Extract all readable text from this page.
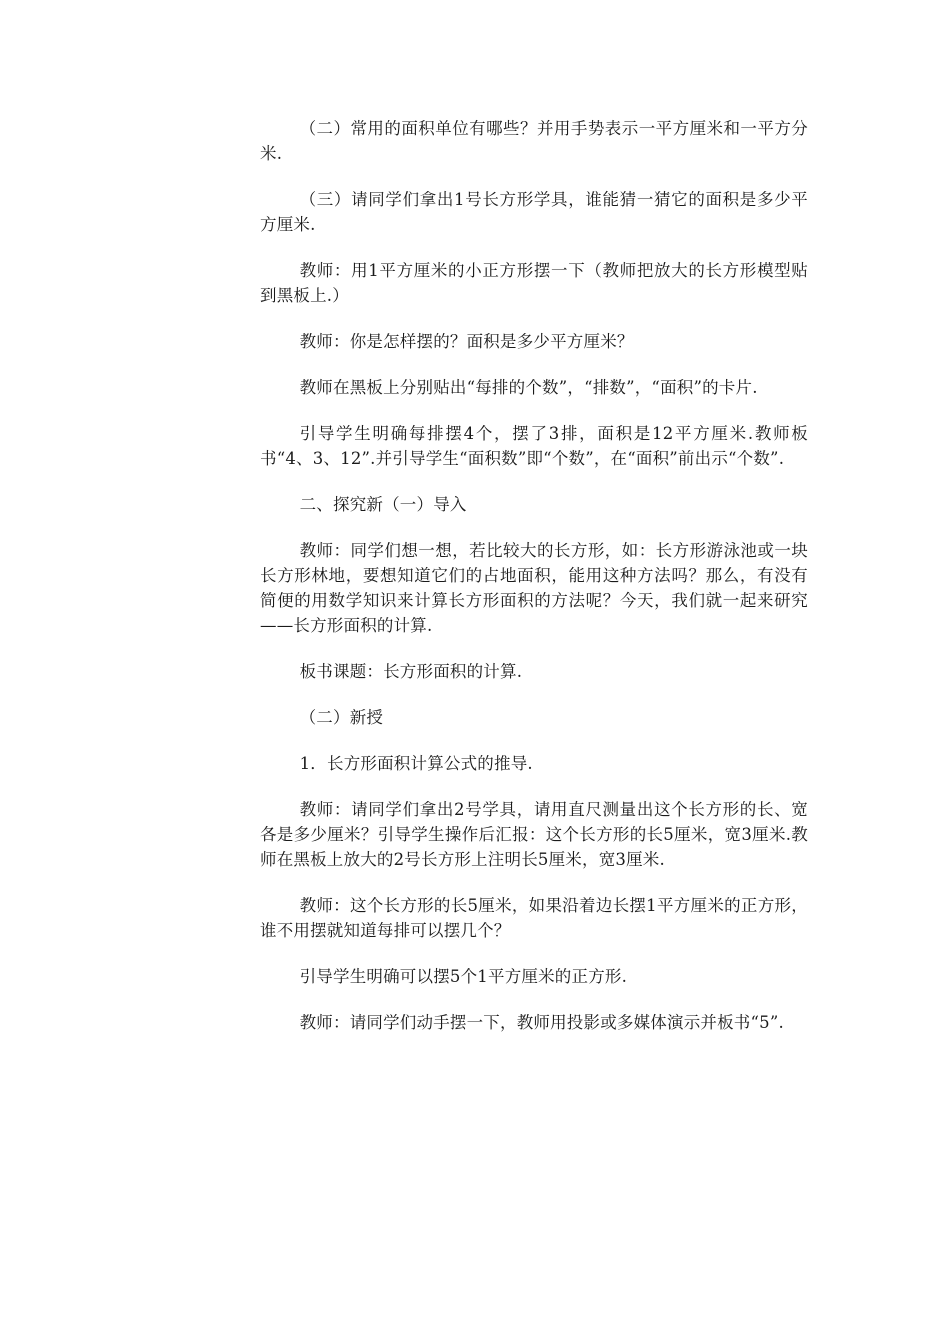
（二）常用的面积单位有哪些？并用手势表示一平方厘米和一平方分米.

（三）请同学们拿出1号长方形学具，谁能猜一猜它的面积是多少平方厘米.

教师：用1平方厘米的小正方形摆一下（教师把放大的长方形模型贴到黑板上.）

教师：你是怎样摆的？面积是多少平方厘米？

教师在黑板上分别贴出“每排的个数”，“排数”，“面积”的卡片.

引导学生明确每排摆4个，摆了3排，面积是12平方厘米.教师板书“4、3、12”.并引导学生“面积数”即“个数”，在“面积”前出示“个数”.

二、探究新（一）导入

教师：同学们想一想，若比较大的长方形，如：长方形游泳池或一块长方形林地，要想知道它们的占地面积，能用这种方法吗？那么，有没有简便的用数学知识来计算长方形面积的方法呢？今天，我们就一起来研究——长方形面积的计算.

板书课题：长方形面积的计算.

（二）新授

1．长方形面积计算公式的推导.

教师：请同学们拿出2号学具，请用直尺测量出这个长方形的长、宽各是多少厘米？引导学生操作后汇报：这个长方形的长5厘米，宽3厘米.教师在黑板上放大的2号长方形上注明长5厘米，宽3厘米.

教师：这个长方形的长5厘米，如果沿着边长摆1平方厘米的正方形，谁不用摆就知道每排可以摆几个？

引导学生明确可以摆5个1平方厘米的正方形.

教师：请同学们动手摆一下，教师用投影或多媒体演示并板书“5”.
